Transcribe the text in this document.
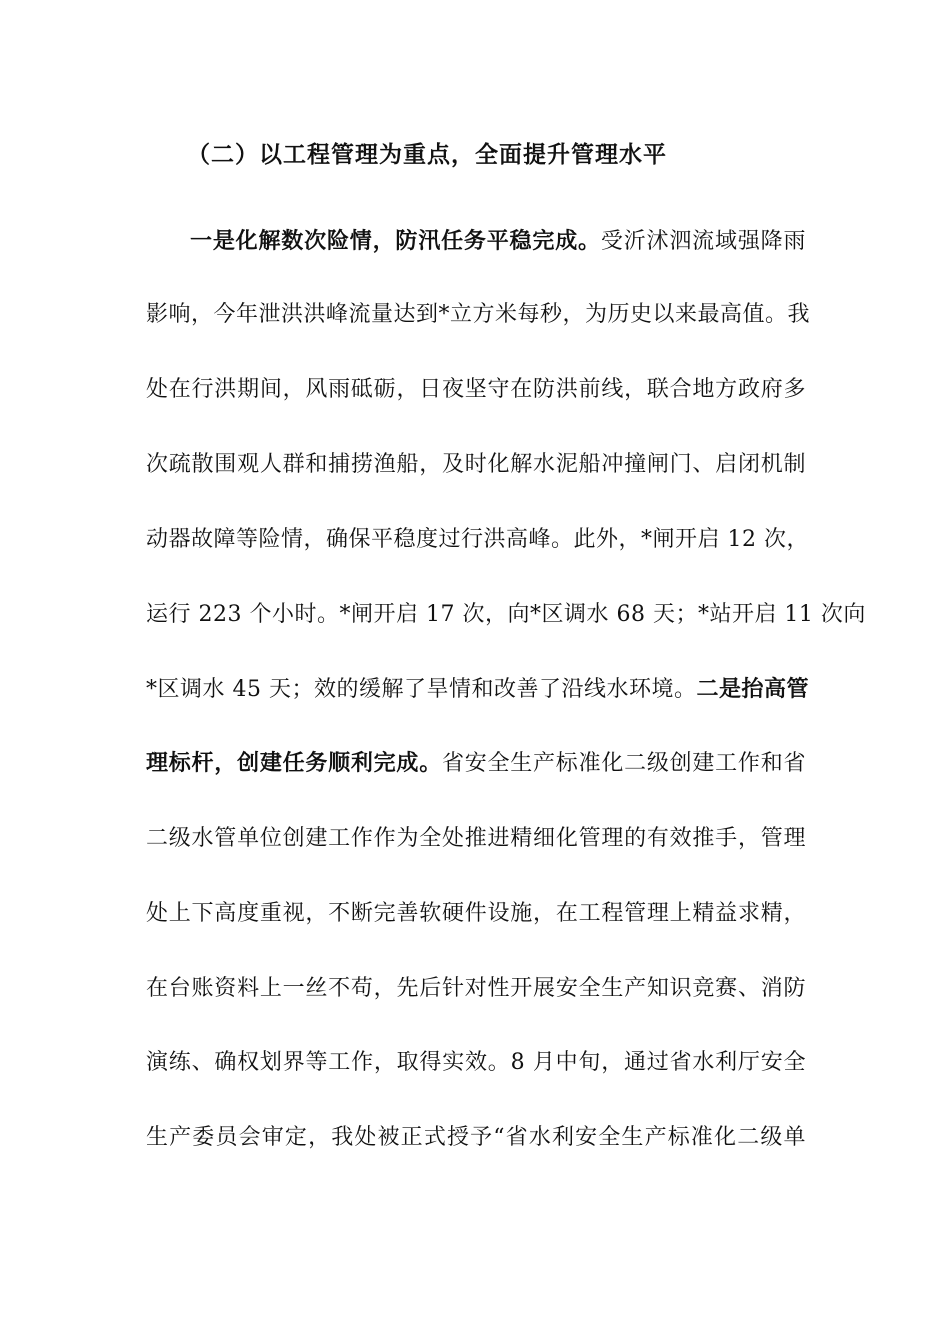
（二）以工程管理为重点，全面提升管理水平
一是化解数次险情，防汛任务平稳完成。受沂沭泗流域强降雨
影响，今年泄洪洪峰流量达到*立方米每秒，为历史以来最高值。我
处在行洪期间，风雨砥砺，日夜坚守在防洪前线，联合地方政府多
次疏散围观人群和捕捞渔船，及时化解水泥船冲撞闸门、启闭机制
动器故障等险情，确保平稳度过行洪高峰。此外，*闸开启 12 次，
运行 223 个小时。*闸开启 17 次，向*区调水 68 天；*站开启 11 次向
*区调水 45 天；效的缓解了旱情和改善了沿线水环境。二是抬高管
理标杆，创建任务顺利完成。省安全生产标准化二级创建工作和省
二级水管单位创建工作作为全处推进精细化管理的有效推手，管理
处上下高度重视，不断完善软硬件设施，在工程管理上精益求精，
在台账资料上一丝不苟，先后针对性开展安全生产知识竞赛、消防
演练、确权划界等工作，取得实效。8 月中旬，通过省水利厅安全
生产委员会审定，我处被正式授予“省水利安全生产标准化二级单
